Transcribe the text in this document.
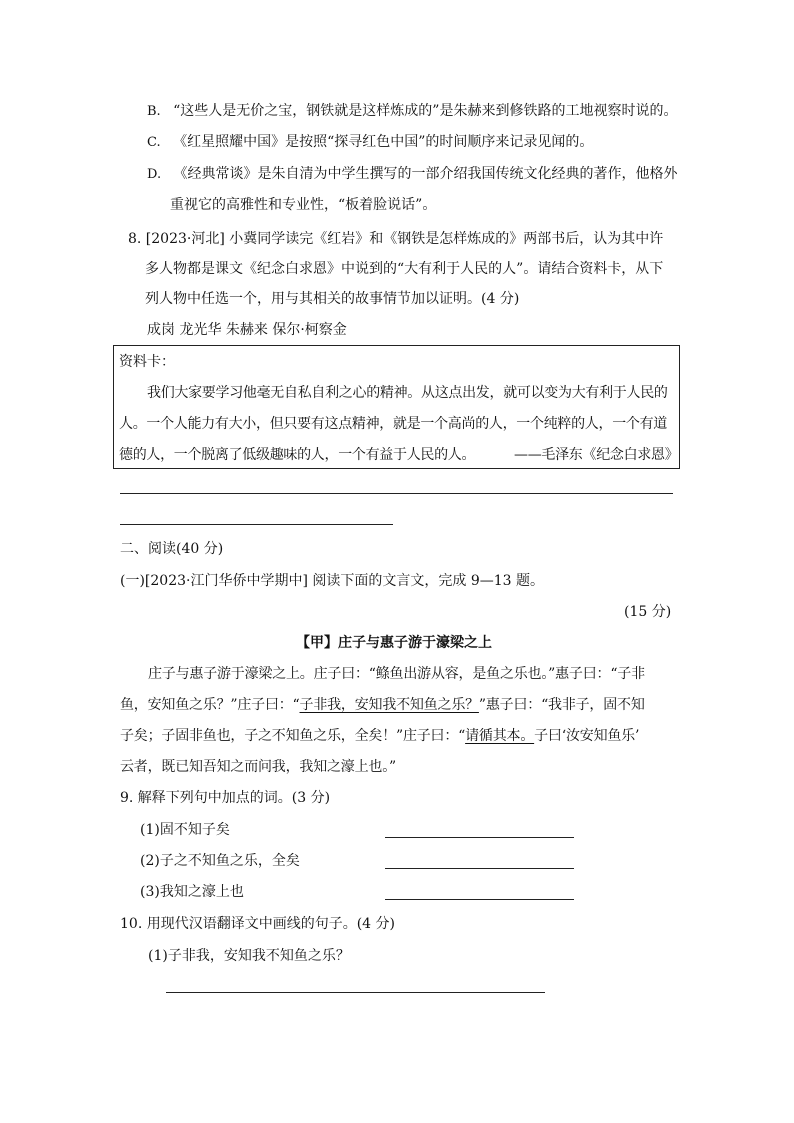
B. “这些人是无价之宝，钢铁就是这样炼成的”是朱赫来到修铁路的工地视察时说的。
C. 《红星照耀中国》是按照“探寻红色中国”的时间顺序来记录见闻的。
D. 《经典常谈》是朱自清为中学生撰写的一部介绍我国传统文化经典的著作，他格外
重视它的高雅性和专业性，“板着脸说话”。
8. [2023·河北] 小冀同学读完《红岩》和《钢铁是怎样炼成的》两部书后，认为其中许
多人物都是课文《纪念白求恩》中说到的“大有利于人民的人”。请结合资料卡，从下
列人物中任选一个，用与其相关的故事情节加以证明。(4 分)
成岗 龙光华 朱赫来 保尔·柯察金
资料卡：
我们大家要学习他毫无自私自利之心的精神。从这点出发，就可以变为大有利于人民的
人。一个人能力有大小，但只要有这点精神，就是一个高尚的人，一个纯粹的人，一个有道
德的人，一个脱离了低级趣味的人，一个有益于人民的人。	——毛泽东《纪念白求恩》
二、阅读(40 分)
(一)[2023·江门华侨中学期中] 阅读下面的文言文，完成 9—13 题。
(15 分)
【甲】庄子与惠子游于濠梁之上
庄子与惠子游于濠梁之上。庄子曰：“鲦鱼出游从容，是鱼之乐也。”惠子曰：“子非
鱼，安知鱼之乐？”庄子曰：“子非我，安知我不知鱼之乐？”惠子曰：“我非子，固不知
子矣；子固非鱼也，子之不知鱼之乐，全矣！”庄子曰：“请循其本。子曰‘汝安知鱼乐’
云者，既已知吾知之而问我，我知之濠上也。”
9. 解释下列句中加点的词。(3 分)
(1)固不知子矣
(2)子之不知鱼之乐，全矣
(3)我知之濠上也
10. 用现代汉语翻译文中画线的句子。(4 分)
(1)子非我，安知我不知鱼之乐？
